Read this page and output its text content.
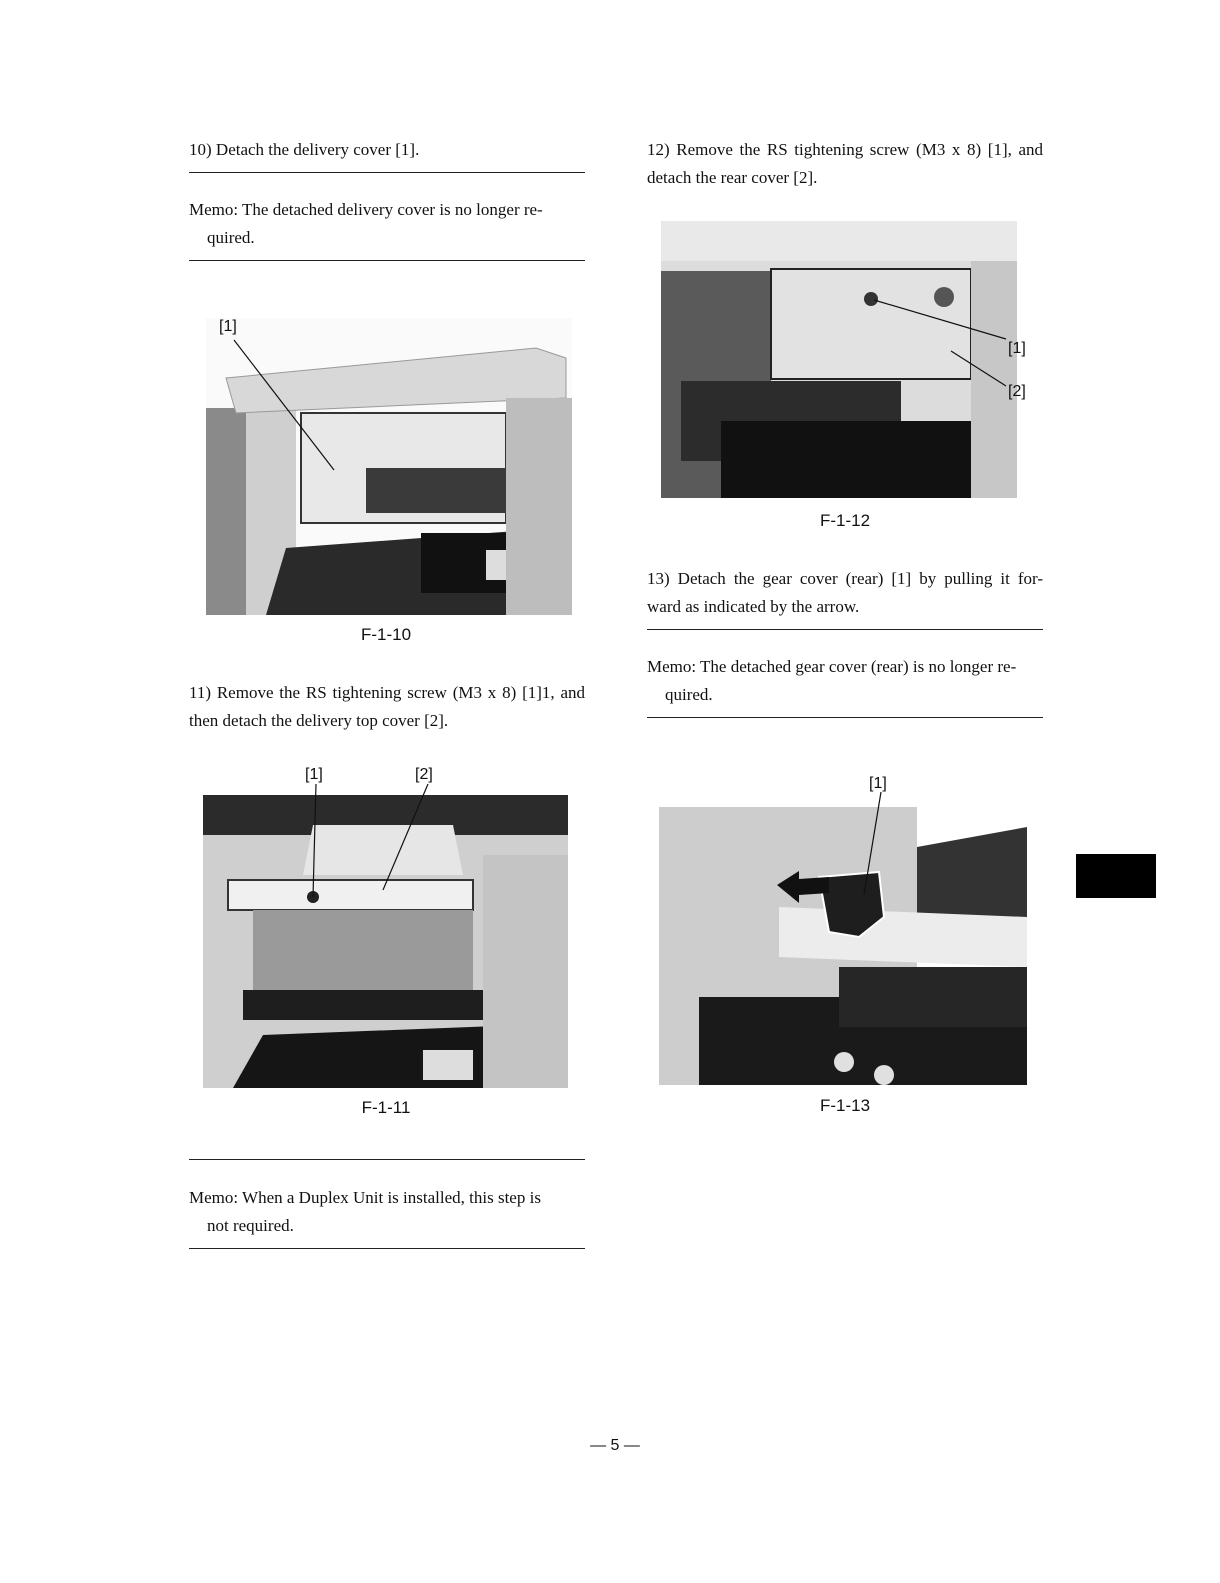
10) Detach the delivery cover [1].

Memo: The detached delivery cover is no longer re-
quired.
[1]
F-1-10

11) Remove the RS tightening screw (M3 x 8) [1]1, and then detach the delivery top cover [2].

[1]	[2]
F-1-11
Memo: When a Duplex Unit is installed, this step is
not required.

12) Remove the RS tightening screw (M3 x 8) [1], and detach the rear cover [2].

[1]
[2]
F-1-12

13) Detach the gear cover (rear) [1] by pulling it for- ward as indicated by the arrow.

Memo: The detached gear cover (rear) is no longer re-
quired.
[1]
F-1-13
— 5 —
